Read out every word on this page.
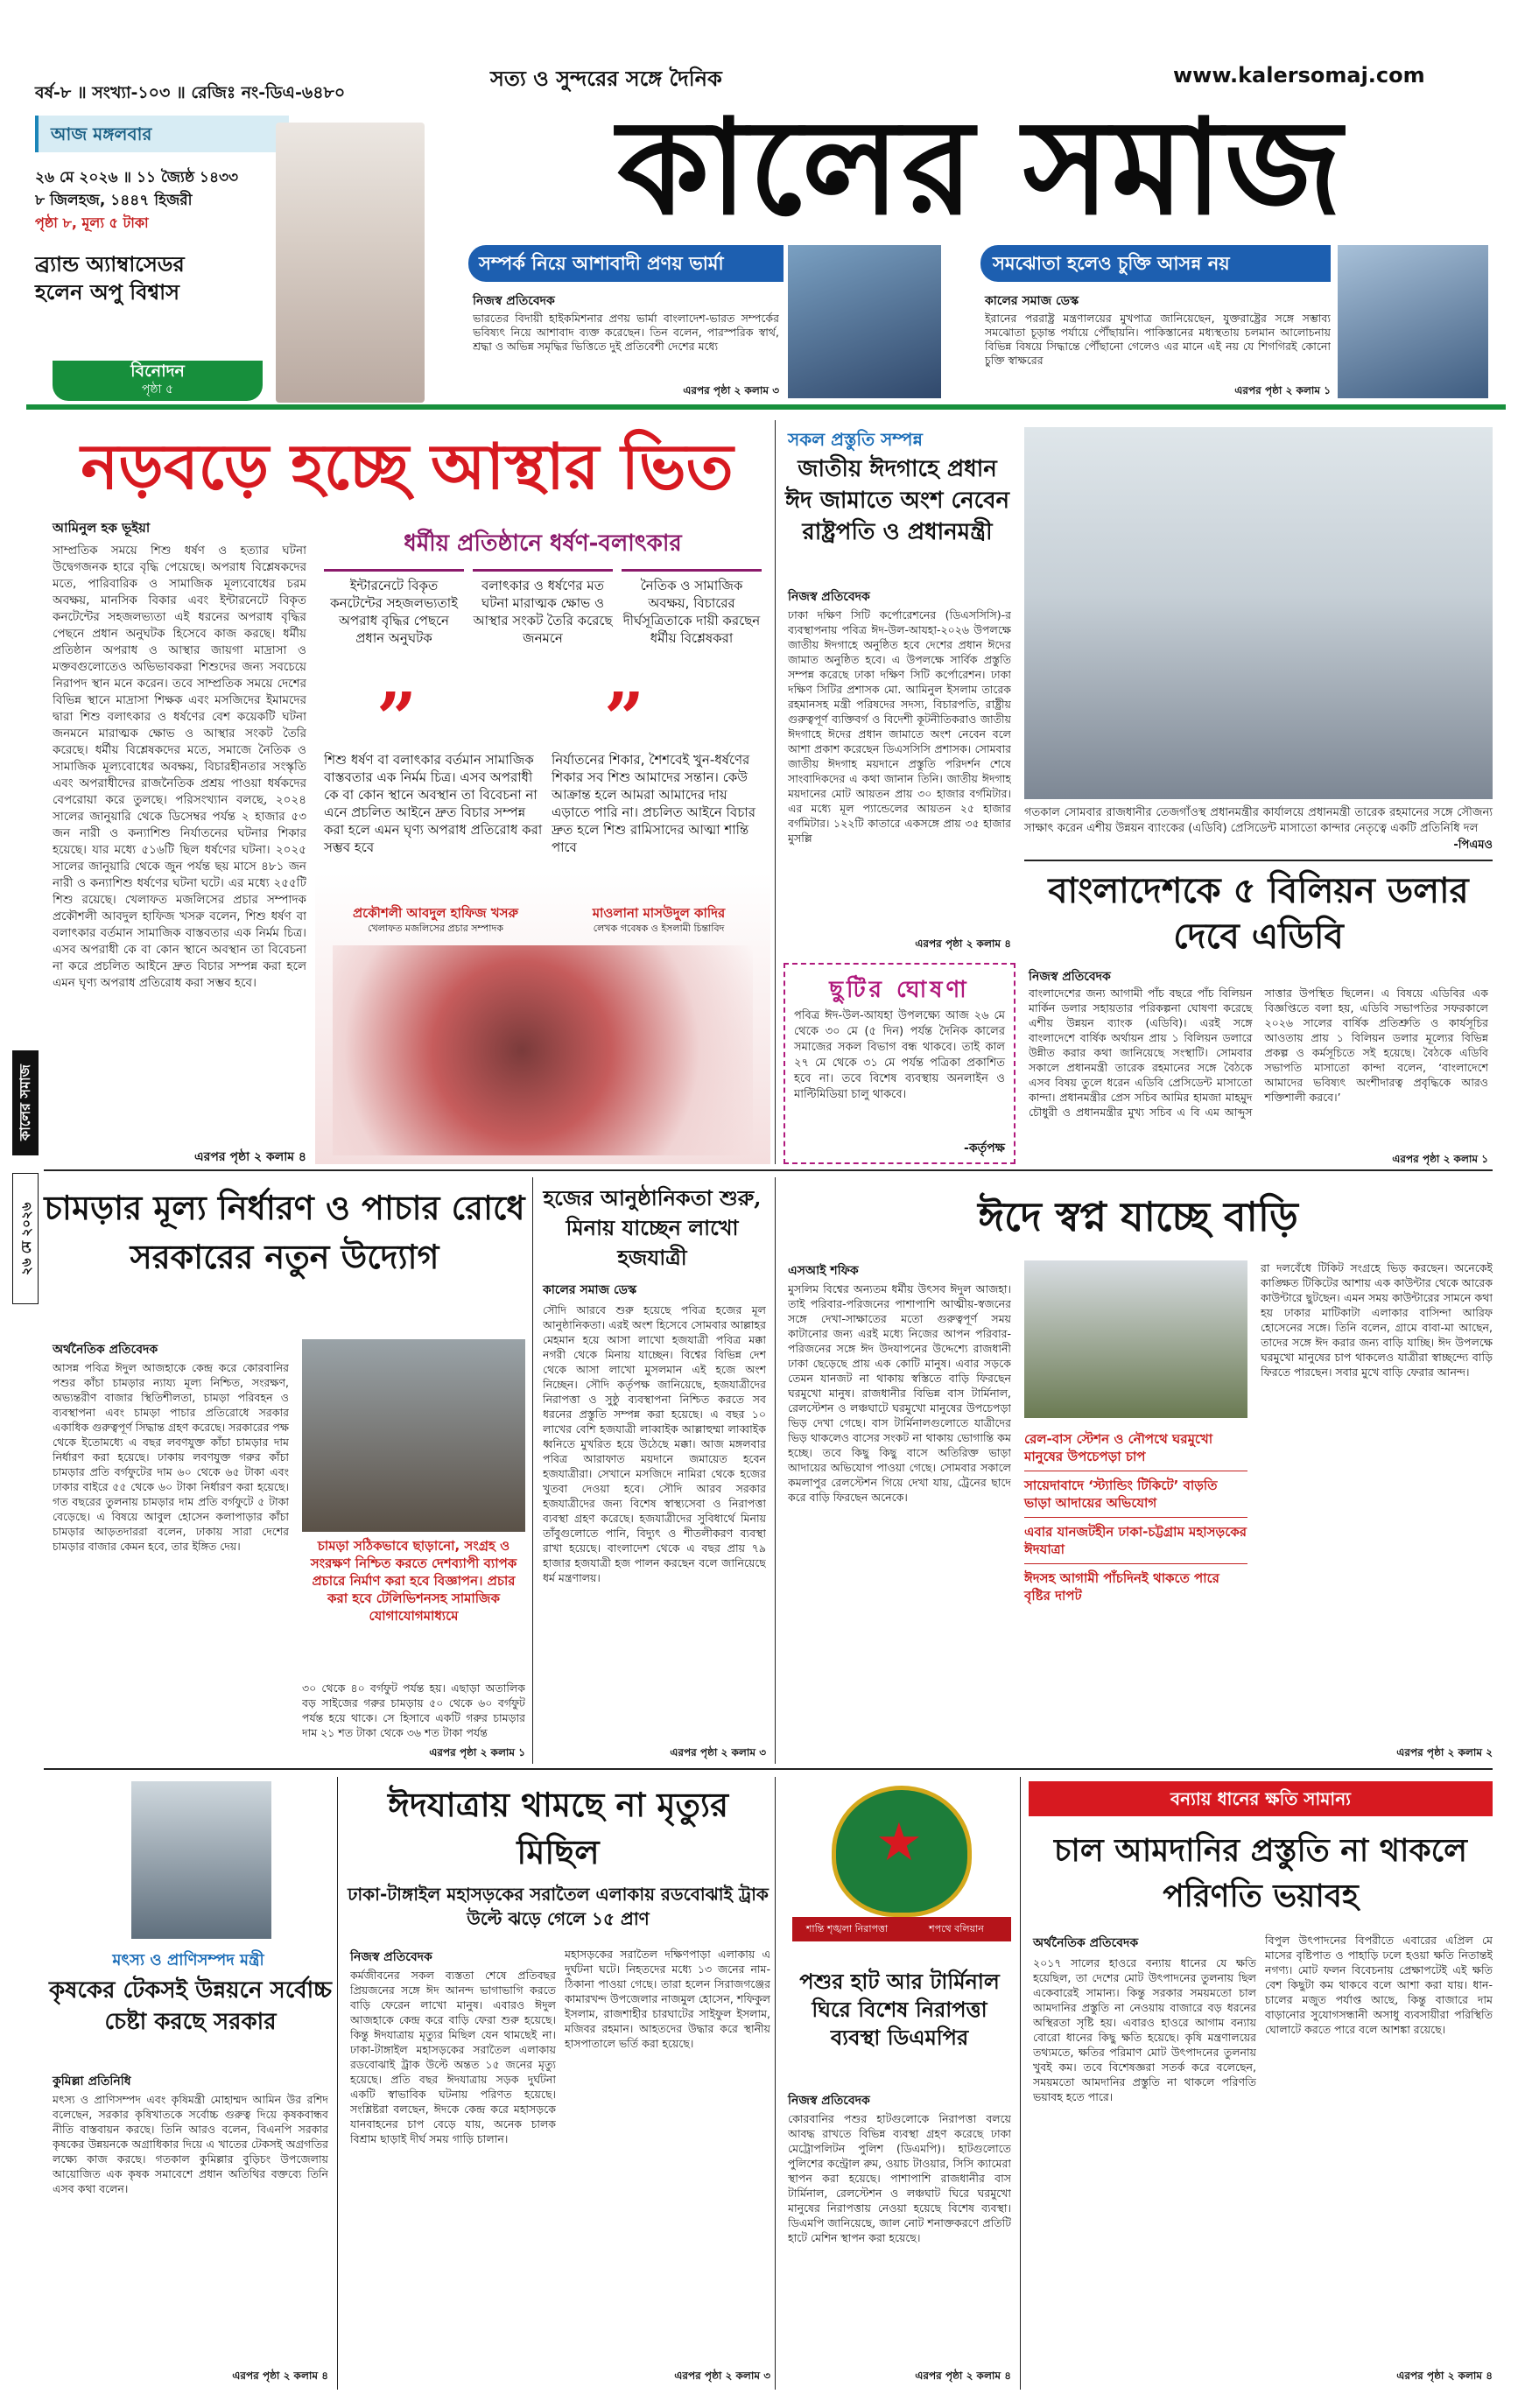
বর্ষ-৮ ॥ সংখ্যা-১০৩ ॥ রেজিঃ নং-ডিএ-৬৪৮০
সত্য ও সুন্দরের সঙ্গে দৈনিক	www.kalersomaj.com
কালের সমাজ
আজ মঙ্গলবার
২৬ মে ২০২৬ ॥ ১১ জ্যৈষ্ঠ ১৪৩৩
৮ জিলহজ, ১৪৪৭ হিজরী
পৃষ্ঠা ৮, মূল্য ৫ টাকা
ব্র্যান্ড অ্যাম্বাসেডর হলেন অপু বিশ্বাস
বিনোদন
পৃষ্ঠা ৫
সম্পর্ক নিয়ে আশাবাদী প্রণয় ভার্মা
নিজস্ব প্রতিবেদক
ভারতের বিদায়ী হাইকমিশনার প্রণয় ভার্মা বাংলাদেশ-ভারত সম্পর্কের ভবিষ্যৎ নিয়ে আশাবাদ ব্যক্ত করেছেন। তিন বলেন, পারস্পরিক স্বার্থ, শ্রদ্ধা ও অভিন্ন সমৃদ্ধির ভিত্তিতে দুই প্রতিবেশী দেশের মধ্যে
এরপর পৃষ্ঠা ২ কলাম ৩
সমঝোতা হলেও চুক্তি আসন্ন নয়
কালের সমাজ ডেস্ক
ইরানের পররাষ্ট্র মন্ত্রণালয়ের মুখপাত্র জানিয়েছেন, যুক্তরাষ্ট্রের সঙ্গে সম্ভাব্য সমঝোতা চূড়ান্ত পর্যায়ে পৌঁছায়নি। পাকিস্তানের মধ্যস্থতায় চলমান আলোচনায় বিভিন্ন বিষয়ে সিদ্ধান্তে পৌঁছানো গেলেও এর মানে এই নয় যে শিগগিরই কোনো চুক্তি স্বাক্ষরের
এরপর পৃষ্ঠা ২ কলাম ১
কালের সমাজ
২৬ মে ২০২৬
নড়বড়ে হচ্ছে আস্থার ভিত
আমিনুল হক ভূইয়া
সাম্প্রতিক সময়ে শিশু ধর্ষণ ও হত্যার ঘটনা উদ্বেগজনক হারে বৃদ্ধি পেয়েছে। অপরাধ বিশ্লেষকদের মতে, পারিবারিক ও সামাজিক মূল্যবোধের চরম অবক্ষয়, মানসিক বিকার এবং ইন্টারনেটে বিকৃত কনটেন্টের সহজলভ্যতা এই ধরনের অপরাধ বৃদ্ধির পেছনে প্রধান অনুঘটক হিসেবে কাজ করছে। ধর্মীয় প্রতিষ্ঠান অপরাধ ও আস্থার জায়গা মাদ্রাসা ও মক্তবগুলোতেও অভিভাবকরা শিশুদের জন্য সবচেয়ে নিরাপদ স্থান মনে করেন। তবে সাম্প্রতিক সময়ে দেশের বিভিন্ন স্থানে মাদ্রাসা শিক্ষক এবং মসজিদের ইমামদের দ্বারা শিশু বলাৎকার ও ধর্ষণের বেশ কয়েকটি ঘটনা জনমনে মারাত্মক ক্ষোভ ও আস্থার সংকট তৈরি করেছে। ধর্মীয় বিশ্লেষকদের মতে, সমাজে নৈতিক ও সামাজিক মূল্যবোধের অবক্ষয়, বিচারহীনতার সংস্কৃতি এবং অপরাধীদের রাজনৈতিক প্রশ্রয় পাওয়া ধর্ষকদের বেপরোয়া করে তুলছে। পরিসংখ্যান বলছে, ২০২৪ সালের জানুয়ারি থেকে ডিসেম্বর পর্যন্ত ২ হাজার ৫৩ জন নারী ও কন্যাশিশু নির্যাতনের ঘটনার শিকার হয়েছে। যার মধ্যে ৫১৬টি ছিল ধর্ষণের ঘটনা। ২০২৫ সালের জানুয়ারি থেকে জুন পর্যন্ত ছয় মাসে ৪৮১ জন নারী ও কন্যাশিশু ধর্ষণের ঘটনা ঘটে। এর মধ্যে ২৫৫টি শিশু রয়েছে। খেলাফত মজলিসের প্রচার সম্পাদক প্রকৌশলী আবদুল হাফিজ খসরু বলেন, শিশু ধর্ষণ বা বলাৎকার বর্তমান সামাজিক বাস্তবতার এক নির্মম চিত্র। এসব অপরাধী কে বা কোন স্থানে অবস্থান তা বিবেচনা না করে প্রচলিত আইনে দ্রুত বিচার সম্পন্ন করা হলে এমন ঘৃণ্য অপরাধ প্রতিরোধ করা সম্ভব হবে।
এরপর পৃষ্ঠা ২ কলাম ৪
ধর্মীয় প্রতিষ্ঠানে ধর্ষণ-বলাৎকার
ইন্টারনেটে বিকৃত কনটেন্টের সহজলভ্যতাই অপরাধ বৃদ্ধির পেছনে প্রধান অনুঘটক
বলাৎকার ও ধর্ষণের মত ঘটনা মারাত্মক ক্ষোভ ও আস্থার সংকট তৈরি করেছে জনমনে
নৈতিক ও সামাজিক অবক্ষয়, বিচারের দীর্ঘসূত্রিতাকে দায়ী করছেন ধর্মীয় বিশ্লেষকরা
”	”
শিশু ধর্ষণ বা বলাৎকার বর্তমান সামাজিক বাস্তবতার এক নির্মম চিত্র। এসব অপরাধী কে বা কোন স্থানে অবস্থান তা বিবেচনা না এনে প্রচলিত আইনে দ্রুত বিচার সম্পন্ন করা হলে এমন ঘৃণ্য অপরাধ প্রতিরোধ করা সম্ভব হবে
নির্যাতনের শিকার, শৈশবেই খুন-ধর্ষণের শিকার সব শিশু আমাদের সন্তান। কেউ আক্রান্ত হলে আমরা আমাদের দায় এড়াতে পারি না। প্রচলিত আইনে বিচার দ্রুত হলে শিশু রামিসাদের আত্মা শান্তি পাবে
প্রকৌশলী আবদুল হাফিজ খসরু
খেলাফত মজলিসের প্রচার সম্পাদক
মাওলানা মাসউদুল কাদির
লেখক গবেষক ও ইসলামী চিন্তাবিদ
সকল প্রস্তুতি সম্পন্ন
জাতীয় ঈদগাহে প্রধান ঈদ জামাতে অংশ নেবেন রাষ্ট্রপতি ও প্রধানমন্ত্রী
নিজস্ব প্রতিবেদক
ঢাকা দক্ষিণ সিটি কর্পোরেশনের (ডিএসসিসি)-র ব্যবস্থাপনায় পবিত্র ঈদ-উল-আযহা-২০২৬ উপলক্ষে জাতীয় ঈদগাহে অনুষ্ঠিত হবে দেশের প্রধান ঈদের জামাত অনুষ্ঠিত হবে। এ উপলক্ষে সার্বিক প্রস্তুতি সম্পন্ন করেছে ঢাকা দক্ষিণ সিটি কর্পোরেশন। ঢাকা দক্ষিণ সিটির প্রশাসক মো. আমিনুল ইসলাম তারেক রহমানসহ মন্ত্রী পরিষদের সদস্য, বিচারপতি, রাষ্ট্রীয় গুরুত্বপূর্ণ ব্যক্তিবর্গ ও বিদেশী কূটনীতিকরাও জাতীয় ঈদগাহে ঈদের প্রধান জামাতে অংশ নেবেন বলে আশা প্রকাশ করেছেন ডিএসসিসি প্রশাসক। সোমবার জাতীয় ঈদগাহ ময়দানে প্রস্তুতি পরিদর্শন শেষে সাংবাদিকদের এ কথা জানান তিনি। জাতীয় ঈদগাহ ময়দানের মোট আয়তন প্রায় ৩০ হাজার বর্গমিটার। এর মধ্যে মূল প্যান্ডেলের আয়তন ২৫ হাজার বর্গমিটার। ১২২টি কাতারে একসঙ্গে প্রায় ৩৫ হাজার মুসল্লি
এরপর পৃষ্ঠা ২ কলাম ৪
ছুটির ঘোষণা
পবিত্র ঈদ-উল-আযহা উপলক্ষ্যে আজ ২৬ মে থেকে ৩০ মে (৫ দিন) পর্যন্ত দৈনিক কালের সমাজের সকল বিভাগ বন্ধ থাকবে। তাই কাল ২৭ মে থেকে ৩১ মে পর্যন্ত পত্রিকা প্রকাশিত হবে না। তবে বিশেষ ব্যবস্থায় অনলাইন ও মাল্টিমিডিয়া চালু থাকবে।
-কর্তৃপক্ষ
গতকাল সোমবার রাজধানীর তেজগাঁওস্থ প্রধানমন্ত্রীর কার্যালয়ে প্রধানমন্ত্রী তারেক রহমানের সঙ্গে সৌজন্য সাক্ষাৎ করেন এশীয় উন্নয়ন ব্যাংকের (এডিবি) প্রেসিডেন্ট মাসাতো কান্দার নেতৃত্বে একটি প্রতিনিধি দল
-পিএমও
বাংলাদেশকে ৫ বিলিয়ন ডলার দেবে এডিবি
নিজস্ব প্রতিবেদক
বাংলাদেশের জন্য আগামী পাঁচ বছরে পাঁচ বিলিয়ন মার্কিন ডলার সহায়তার পরিকল্পনা ঘোষণা করেছে এশীয় উন্নয়ন ব্যাংক (এডিবি)। এরই সঙ্গে বাংলাদেশে বার্ষিক অর্থায়ন প্রায় ১ বিলিয়ন ডলারে উন্নীত করার কথা জানিয়েছে সংস্থাটি। সোমবার সকালে প্রধানমন্ত্রী তারেক রহমানের সঙ্গে বৈঠকে এসব বিষয় তুলে ধরেন এডিবি প্রেসিডেন্ট মাসাতো কান্দা। প্রধানমন্ত্রীর প্রেস সচিব আমির হামজা মাহমুদ চৌধুরী ও প্রধানমন্ত্রীর মুখ্য সচিব এ বি এম আব্দুস সাত্তার উপস্থিত ছিলেন। এ বিষয়ে এডিবির এক বিজ্ঞপ্তিতে বলা হয়, এডিবি সভাপতির সফরকালে ২০২৬ সালের বার্ষিক প্রতিশ্রুতি ও কার্যসূচির আওতায় প্রায় ১ বিলিয়ন ডলার মূল্যের বিভিন্ন প্রকল্প ও কর্মসূচিতে সই হয়েছে। বৈঠকে এডিবি সভাপতি মাসাতো কান্দা বলেন, ‘বাংলাদেশে আমাদের ভবিষ্যৎ অংশীদারত্ব প্রবৃদ্ধিকে আরও শক্তিশালী করবে।’
এরপর পৃষ্ঠা ২ কলাম ১
চামড়ার মূল্য নির্ধারণ ও পাচার রোধে সরকারের নতুন উদ্যোগ
অর্থনৈতিক প্রতিবেদক
আসন্ন পবিত্র ঈদুল আজহাকে কেন্দ্র করে কোরবানির পশুর কাঁচা চামড়ার ন্যায্য মূল্য নিশ্চিত, সংরক্ষণ, অভ্যন্তরীণ বাজার স্থিতিশীলতা, চামড়া পরিবহন ও ব্যবস্থাপনা এবং চামড়া পাচার প্রতিরোধে সরকার একাধিক গুরুত্বপূর্ণ সিদ্ধান্ত গ্রহণ করেছে। সরকারের পক্ষ থেকে ইতোমধ্যে এ বছর লবণযুক্ত কাঁচা চামড়ার দাম নির্ধারণ করা হয়েছে। ঢাকায় লবণযুক্ত গরুর কাঁচা চামড়ার প্রতি বর্গফুটের দাম ৬০ থেকে ৬৫ টাকা এবং ঢাকার বাইরে ৫৫ থেকে ৬০ টাকা নির্ধারণ করা হয়েছে। গত বছরের তুলনায় চামড়ার দাম প্রতি বর্গফুটে ৫ টাকা বেড়েছে। এ বিষয়ে আবুল হোসেন কলাপাড়ার কাঁচা চামড়ার আড়তদাররা বলেন, ঢাকায় সারা দেশের চামড়ার বাজার কেমন হবে, তার ইঙ্গিত দেয়।	চামড়া সঠিকভাবে ছাড়ানো, সংগ্রহ ও সংরক্ষণ নিশ্চিত করতে দেশব্যাপী ব্যাপক প্রচারে নির্মাণ করা হবে বিজ্ঞাপন। প্রচার করা হবে টেলিভিশনসহ সামাজিক যোগাযোগমাধ্যমে
৩০ থেকে ৪০ বর্গফুট পর্যন্ত হয়। এছাড়া অতালিক বড় সাইজের গরুর চামড়ায় ৫০ থেকে ৬০ বর্গফুট পর্যন্ত হয়ে থাকে। সে হিসাবে একটি গরুর চামড়ার দাম ২১ শত টাকা থেকে ৩৬ শত টাকা পর্যন্ত
এরপর পৃষ্ঠা ২ কলাম ১
হজের আনুষ্ঠানিকতা শুরু, মিনায় যাচ্ছেন লাখো হজযাত্রী
কালের সমাজ ডেস্ক
সৌদি আরবে শুরু হয়েছে পবিত্র হজের মূল আনুষ্ঠানিকতা। এরই অংশ হিসেবে সোমবার আল্লাহর মেহমান হয়ে আসা লাখো হজযাত্রী পবিত্র মক্কা নগরী থেকে মিনায় যাচ্ছেন। বিশ্বের বিভিন্ন দেশ থেকে আসা লাখো মুসলমান এই হজে অংশ নিচ্ছেন। সৌদি কর্তৃপক্ষ জানিয়েছে, হজযাত্রীদের নিরাপত্তা ও সুষ্ঠু ব্যবস্থাপনা নিশ্চিত করতে সব ধরনের প্রস্তুতি সম্পন্ন করা হয়েছে। এ বছর ১০ লাখের বেশি হজযাত্রী লাব্বাইক আল্লাহুম্মা লাব্বাইক ধ্বনিতে মুখরিত হয়ে উঠেছে মক্কা। আজ মঙ্গলবার পবিত্র আরাফাত ময়দানে জমায়েত হবেন হজযাত্রীরা। সেখানে মসজিদে নামিরা থেকে হজের খুতবা দেওয়া হবে। সৌদি আরব সরকার হজযাত্রীদের জন্য বিশেষ স্বাস্থ্যসেবা ও নিরাপত্তা ব্যবস্থা গ্রহণ করেছে। হজযাত্রীদের সুবিধার্থে মিনায় তাঁবুগুলোতে পানি, বিদ্যুৎ ও শীতলীকরণ ব্যবস্থা রাখা হয়েছে। বাংলাদেশ থেকে এ বছর প্রায় ৭৯ হাজার হজযাত্রী হজ পালন করছেন বলে জানিয়েছে ধর্ম মন্ত্রণালয়।
এরপর পৃষ্ঠা ২ কলাম ৩
ঈদে স্বপ্ন যাচ্ছে বাড়ি
এসআই শফিক
মুসলিম বিশ্বের অন্যতম ধর্মীয় উৎসব ঈদুল আজহা। তাই পরিবার-পরিজনের পাশাপাশি আত্মীয়-স্বজনের সঙ্গে দেখা-সাক্ষাতের মতো গুরুত্বপূর্ণ সময় কাটানোর জন্য এরই মধ্যে নিজের আপন পরিবার-পরিজনের সঙ্গে ঈদ উদযাপনের উদ্দেশ্যে রাজধানী ঢাকা ছেড়েছে প্রায় এক কোটি মানুষ। এবার সড়কে তেমন যানজট না থাকায় স্বস্তিতে বাড়ি ফিরছেন ঘরমুখো মানুষ। রাজধানীর বিভিন্ন বাস টার্মিনাল, রেলস্টেশন ও লঞ্চঘাটে ঘরমুখো মানুষের উপচেপড়া ভিড় দেখা গেছে। বাস টার্মিনালগুলোতে যাত্রীদের ভিড় থাকলেও বাসের সংকট না থাকায় ভোগান্তি কম হচ্ছে। তবে কিছু কিছু বাসে অতিরিক্ত ভাড়া আদায়ের অভিযোগ পাওয়া গেছে। সোমবার সকালে কমলাপুর রেলস্টেশন গিয়ে দেখা যায়, ট্রেনের ছাদে করে বাড়ি ফিরছেন অনেকে।
রেল-বাস স্টেশন ও নৌপথে ঘরমুখো মানুষের উপচেপড়া চাপ
সায়েদাবাদে ‘স্ট্যান্ডিং টিকিটে’ বাড়তি ভাড়া আদায়ের অভিযোগ
এবার যানজটহীন ঢাকা-চট্টগ্রাম মহাসড়কের ঈদযাত্রা
ঈদসহ আগামী পাঁচদিনই থাকতে পারে বৃষ্টির দাপট
রা দলবেঁধে টিকিট সংগ্রহে ভিড় করছেন। অনেকেই কাঙ্ক্ষিত টিকিটের আশায় এক কাউন্টার থেকে আরেক কাউন্টারে ছুটছেন। এমন সময় কাউন্টারের সামনে কথা হয় ঢাকার মাটিকাটা এলাকার বাসিন্দা আরিফ হোসেনের সঙ্গে। তিনি বলেন, গ্রামে বাবা-মা আছেন, তাদের সঙ্গে ঈদ করার জন্য বাড়ি যাচ্ছি। ঈদ উপলক্ষে ঘরমুখো মানুষের চাপ থাকলেও যাত্রীরা স্বাচ্ছন্দ্যে বাড়ি ফিরতে পারছেন। সবার মুখে বাড়ি ফেরার আনন্দ।
এরপর পৃষ্ঠা ২ কলাম ২
মৎস্য ও প্রাণিসম্পদ মন্ত্রী
কৃষকের টেকসই উন্নয়নে সর্বোচ্চ চেষ্টা করছে সরকার
কুমিল্লা প্রতিনিধি
মৎস্য ও প্রাণিসম্পদ এবং কৃষিমন্ত্রী মোহাম্মদ আমিন উর রশিদ বলেছেন, সরকার কৃষিখাতকে সর্বোচ্চ গুরুত্ব দিয়ে কৃষকবান্ধব নীতি বাস্তবায়ন করছে। তিনি আরও বলেন, বিএনপি সরকার কৃষকের উন্নয়নকে অগ্রাধিকার দিয়ে এ খাতের টেকসই অগ্রগতির লক্ষ্যে কাজ করছে। গতকাল কুমিল্লার বুড়িচং উপজেলায় আয়োজিত এক কৃষক সমাবেশে প্রধান অতিথির বক্তব্যে তিনি এসব কথা বলেন।
এরপর পৃষ্ঠা ২ কলাম ৪
ঈদযাত্রায় থামছে না মৃত্যুর মিছিল
ঢাকা-টাঙ্গাইল মহাসড়কের সরাতৈল এলাকায় রডবোঝাই ট্রাক উল্টে ঝড়ে গেলে ১৫ প্রাণ
নিজস্ব প্রতিবেদক
কর্মজীবনের সকল ব্যস্ততা শেষে প্রতিবছর প্রিয়জনের সঙ্গে ঈদ আনন্দ ভাগাভাগি করতে বাড়ি ফেরেন লাখো মানুষ। এবারও ঈদুল আজহাকে কেন্দ্র করে বাড়ি ফেরা শুরু হয়েছে। কিন্তু ঈদযাত্রায় মৃত্যুর মিছিল যেন থামছেই না। ঢাকা-টাঙ্গাইল মহাসড়কের সরাতৈল এলাকায় রডবোঝাই ট্রাক উল্টে অন্তত ১৫ জনের মৃত্যু হয়েছে। প্রতি বছর ঈদযাত্রায় সড়ক দুর্ঘটনা একটি স্বাভাবিক ঘটনায় পরিণত হয়েছে। সংশ্লিষ্টরা বলছেন, ঈদকে কেন্দ্র করে মহাসড়কে যানবাহনের চাপ বেড়ে যায়, অনেক চালক বিশ্রাম ছাড়াই দীর্ঘ সময় গাড়ি চালান।
মহাসড়কের সরাতৈল দক্ষিণপাড়া এলাকায় এ দুর্ঘটনা ঘটে। নিহতদের মধ্যে ১৩ জনের নাম-ঠিকানা পাওয়া গেছে। তারা হলেন সিরাজগঞ্জের কামারখন্দ উপজেলার নাজমুল হোসেন, শফিকুল ইসলাম, রাজশাহীর চারঘাটের সাইফুল ইসলাম, মজিবর রহমান। আহতদের উদ্ধার করে স্থানীয় হাসপাতালে ভর্তি করা হয়েছে।
এরপর পৃষ্ঠা ২ কলাম ৩
★
শান্তি শৃঙ্খলা নিরাপত্তা	শপথে বলিয়ান
পশুর হাট আর টার্মিনাল ঘিরে বিশেষ নিরাপত্তা ব্যবস্থা ডিএমপির
নিজস্ব প্রতিবেদক
কোরবানির পশুর হাটগুলোকে নিরাপত্তা বলয়ে আবদ্ধ রাখতে বিভিন্ন ব্যবস্থা গ্রহণ করেছে ঢাকা মেট্রোপলিটন পুলিশ (ডিএমপি)। হাটগুলোতে পুলিশের কন্ট্রোল রুম, ওয়াচ টাওয়ার, সিসি ক্যামেরা স্থাপন করা হয়েছে। পাশাপাশি রাজধানীর বাস টার্মিনাল, রেলস্টেশন ও লঞ্চঘাট ঘিরে ঘরমুখো মানুষের নিরাপত্তায় নেওয়া হয়েছে বিশেষ ব্যবস্থা। ডিএমপি জানিয়েছে, জাল নোট শনাক্তকরণে প্রতিটি হাটে মেশিন স্থাপন করা হয়েছে।
এরপর পৃষ্ঠা ২ কলাম ৪
বন্যায় ধানের ক্ষতি সামান্য
চাল আমদানির প্রস্তুতি না থাকলে পরিণতি ভয়াবহ
অর্থনৈতিক প্রতিবেদক
২০১৭ সালের হাওরে বন্যায় ধানের যে ক্ষতি হয়েছিল, তা দেশের মোট উৎপাদনের তুলনায় ছিল একেবারেই সামান্য। কিন্তু সরকার সময়মতো চাল আমদানির প্রস্তুতি না নেওয়ায় বাজারে বড় ধরনের অস্থিরতা সৃষ্টি হয়। এবারও হাওরে আগাম বন্যায় বোরো ধানের কিছু ক্ষতি হয়েছে। কৃষি মন্ত্রণালয়ের তথ্যমতে, ক্ষতির পরিমাণ মোট উৎপাদনের তুলনায় খুবই কম। তবে বিশেষজ্ঞরা সতর্ক করে বলেছেন, সময়মতো আমদানির প্রস্তুতি না থাকলে পরিণতি ভয়াবহ হতে পারে।
বিপুল উৎপাদনের বিপরীতে এবারের এপ্রিল মে মাসের বৃষ্টিপাত ও পাহাড়ি ঢলে হওয়া ক্ষতি নিতান্তই নগণ্য। মোট ফলন বিবেচনায় প্রেক্ষাপটেই এই ক্ষতি বেশ কিছুটা কম থাকবে বলে আশা করা যায়। ধান-চালের মজুত পর্যাপ্ত আছে, কিন্তু বাজারে দাম বাড়ানোর সুযোগসন্ধানী অসাধু ব্যবসায়ীরা পরিস্থিতি ঘোলাটে করতে পারে বলে আশঙ্কা রয়েছে।
এরপর পৃষ্ঠা ২ কলাম ৪
